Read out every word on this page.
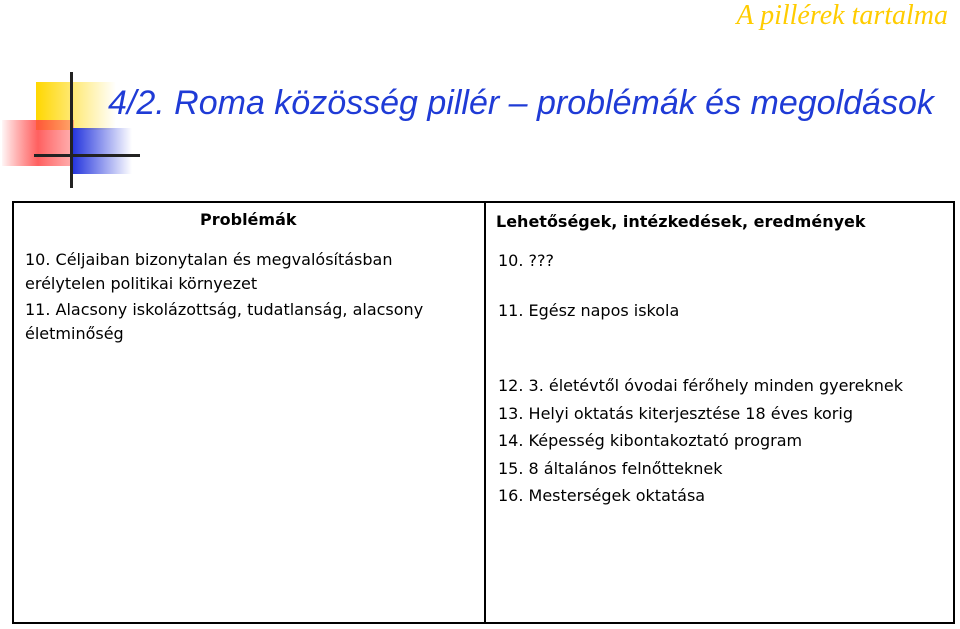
A pillérek tartalma
4/2. Roma közösség pillér – problémák és megoldások
Problémák	Lehetőségek, intézkedések, eredmények
10. Céljaiban bizonytalan és megvalósításban
erélytelen politikai környezet
11. Alacsony iskolázottság, tudatlanság, alacsony
életminőség
10. ???
11. Egész napos iskola
12. 3. életévtől óvodai férőhely minden gyereknek
13. Helyi oktatás kiterjesztése 18 éves korig
14. Képesség kibontakoztató program
15. 8 általános felnőtteknek
16. Mesterségek oktatása
